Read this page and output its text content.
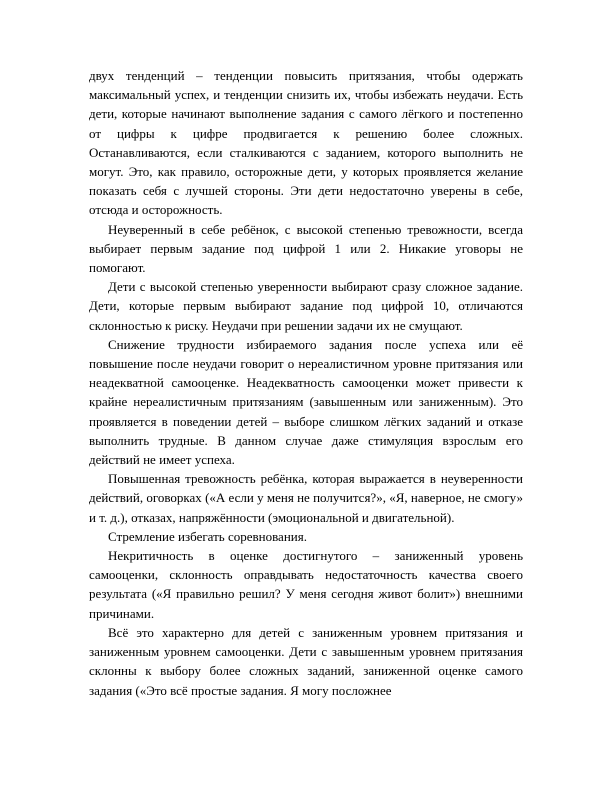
двух тенденций – тенденции повысить притязания, чтобы одержать максимальный успех, и тенденции снизить их, чтобы избежать неудачи. Есть дети, которые начинают выполнение задания с самого лёгкого и постепенно от цифры к цифре продвигается к решению более сложных. Останавливаются, если сталкиваются с заданием, которого выполнить не могут. Это, как правило, осторожные дети, у которых проявляется желание показать себя с лучшей стороны. Эти дети недостаточно уверены в себе, отсюда и осторожность.

Неуверенный в себе ребёнок, с высокой степенью тревожности, всегда выбирает первым задание под цифрой 1 или 2. Никакие уговоры не помогают.

Дети с высокой степенью уверенности выбирают сразу сложное задание. Дети, которые первым выбирают задание под цифрой 10, отличаются склонностью к риску. Неудачи при решении задачи их не смущают.

Снижение трудности избираемого задания после успеха или её повышение после неудачи говорит о нереалистичном уровне притязания или неадекватной самооценке. Неадекватность самооценки может привести к крайне нереалистичным притязаниям (завышенным или заниженным). Это проявляется в поведении детей – выборе слишком лёгких заданий и отказе выполнить трудные. В данном случае даже стимуляция взрослым его действий не имеет успеха.

Повышенная тревожность ребёнка, которая выражается в неуверенности действий, оговорках («А если у меня не получится?», «Я, наверное, не смогу» и т. д.), отказах, напряжённости (эмоциональной и двигательной).

Стремление избегать соревнования.

Некритичность в оценке достигнутого – заниженный уровень самооценки, склонность оправдывать недостаточность качества своего результата («Я правильно решил? У меня сегодня живот болит») внешними причинами.

Всё это характерно для детей с заниженным уровнем притязания и заниженным уровнем самооценки. Дети с завышенным уровнем притязания склонны к выбору более сложных заданий, заниженной оценке самого задания («Это всё простые задания. Я могу посложнее
